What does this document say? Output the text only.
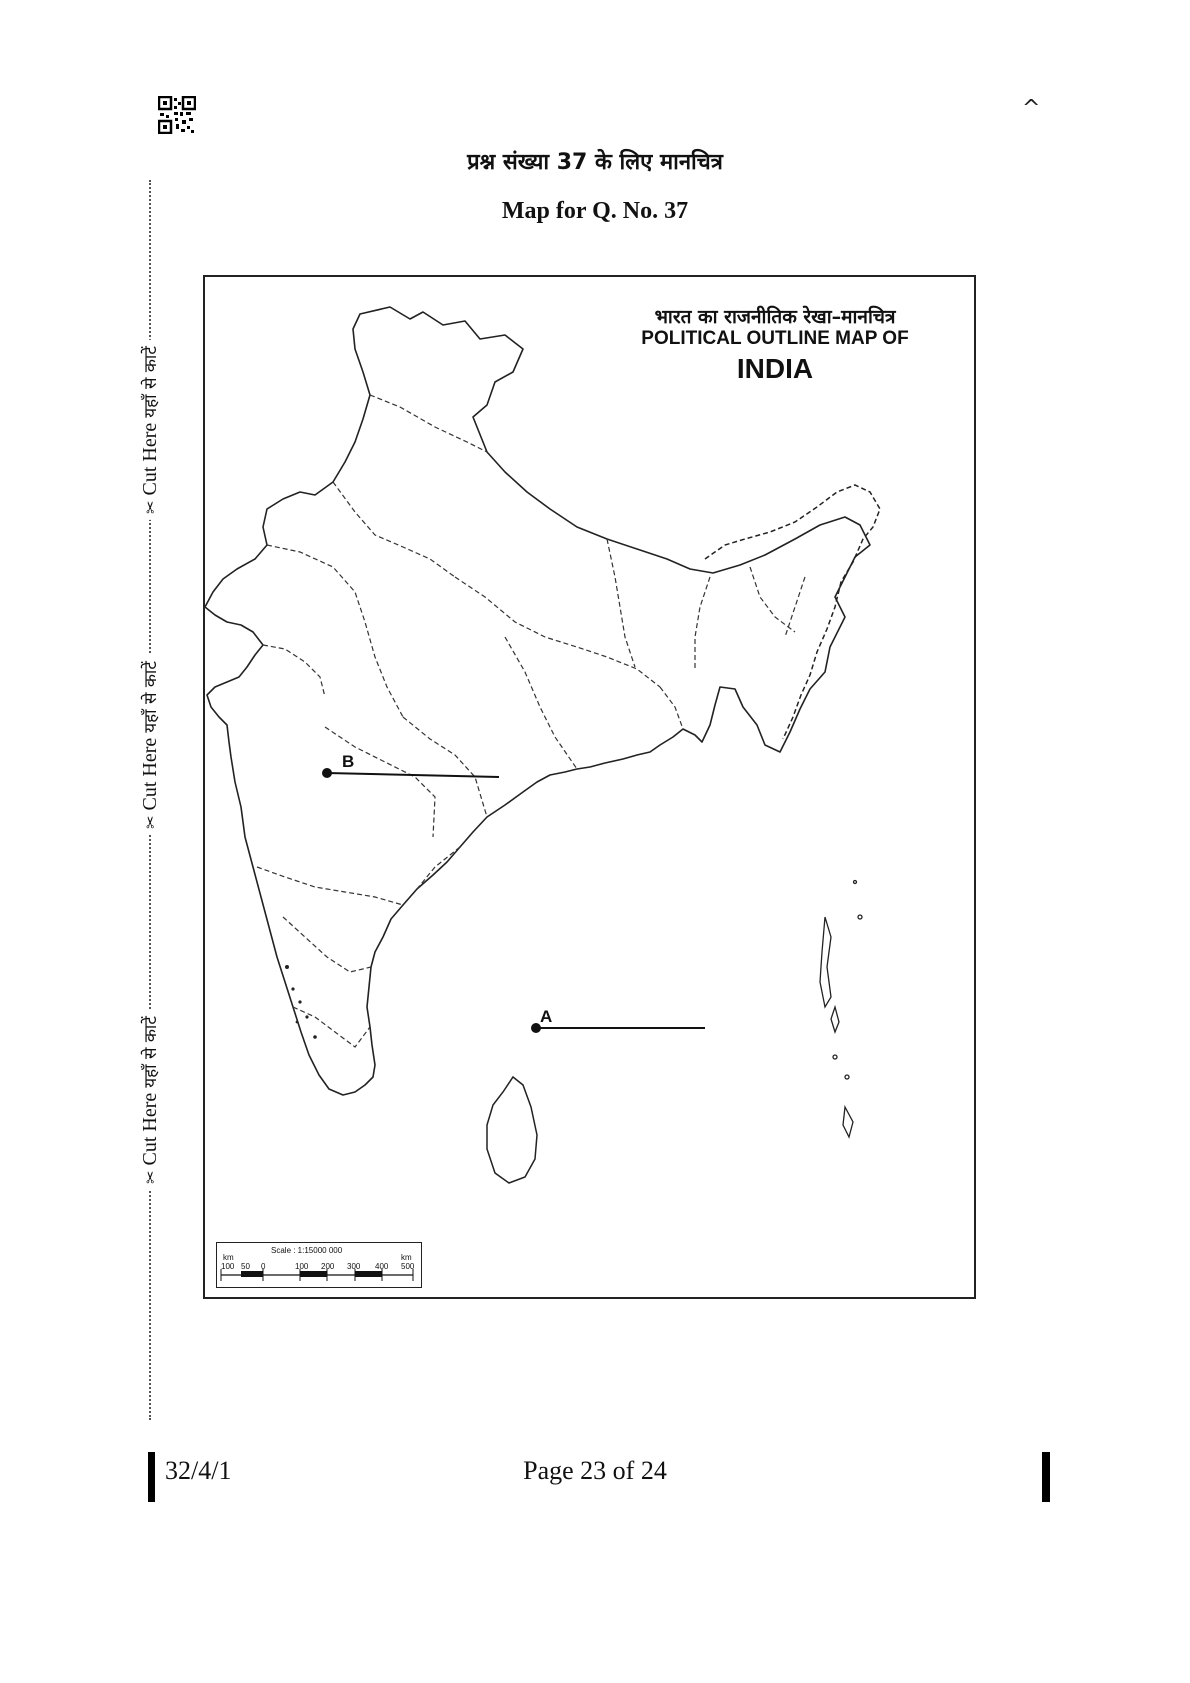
^
✂ Cut Here यहाँ से काटें
✂ Cut Here यहाँ से काटें
✂ Cut Here यहाँ से काटें
प्रश्न संख्या 37 के लिए मानचित्र
Map for Q. No. 37
भारत का राजनीतिक रेखा–मानचित्र
POLITICAL OUTLINE MAP OF
INDIA
B
A
Scale : 1:15000 000
km	km
100 50 0	100 200 300 400 500
32/4/1	Page 23 of 24
